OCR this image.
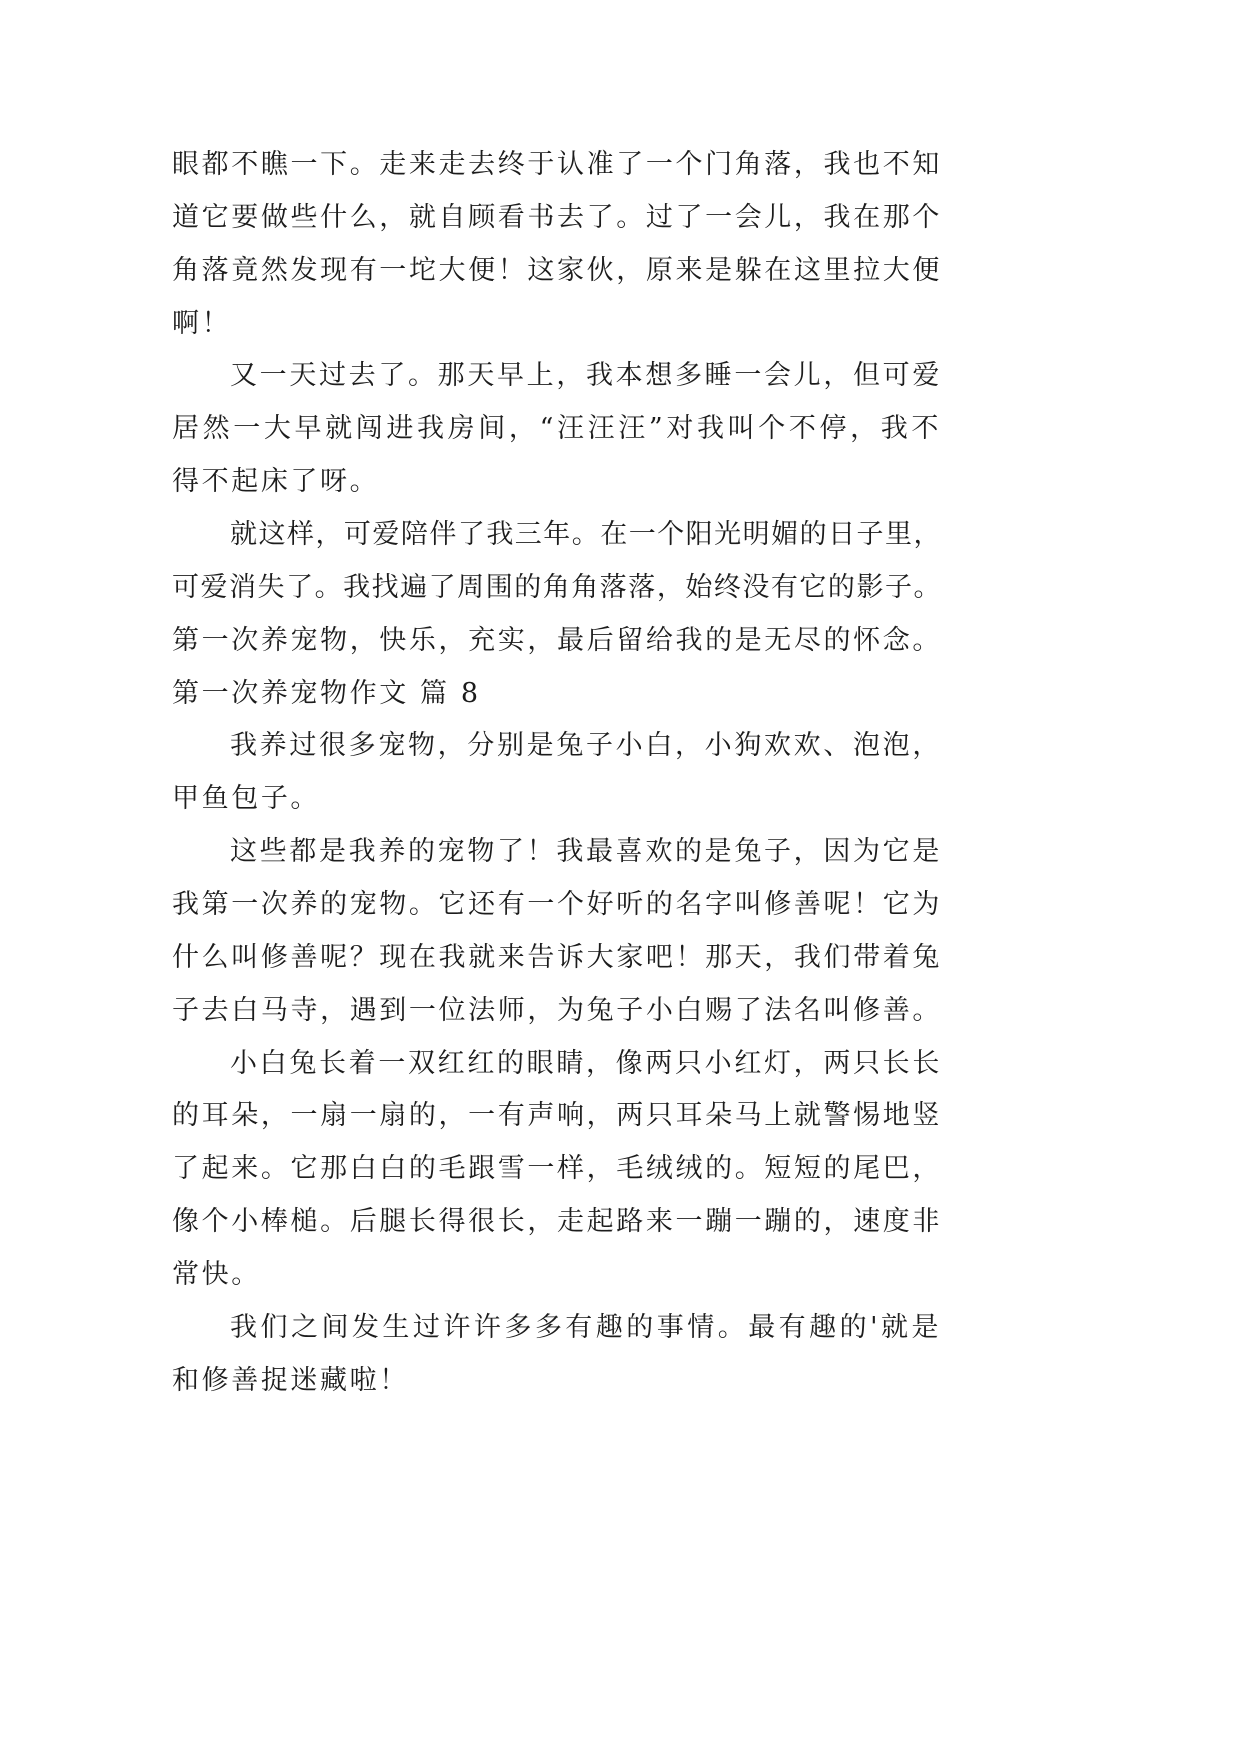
眼都不瞧一下。走来走去终于认准了一个门角落，我也不知
道它要做些什么，就自顾看书去了。过了一会儿，我在那个
角落竟然发现有一坨大便！这家伙，原来是躲在这里拉大便
啊！
又一天过去了。那天早上，我本想多睡一会儿，但可爱
居然一大早就闯进我房间，“汪汪汪”对我叫个不停，我不
得不起床了呀。
就这样，可爱陪伴了我三年。在一个阳光明媚的日子里，
可爱消失了。我找遍了周围的角角落落，始终没有它的影子。
第一次养宠物，快乐，充实，最后留给我的是无尽的怀念。
第一次养宠物作文 篇 8
我养过很多宠物，分别是兔子小白，小狗欢欢、泡泡，
甲鱼包子。
这些都是我养的宠物了！我最喜欢的是兔子，因为它是
我第一次养的宠物。它还有一个好听的名字叫修善呢！它为
什么叫修善呢？现在我就来告诉大家吧！那天，我们带着兔
子去白马寺，遇到一位法师，为兔子小白赐了法名叫修善。
小白兔长着一双红红的眼睛，像两只小红灯，两只长长
的耳朵，一扇一扇的，一有声响，两只耳朵马上就警惕地竖
了起来。它那白白的毛跟雪一样，毛绒绒的。短短的尾巴，
像个小棒槌。后腿长得很长，走起路来一蹦一蹦的，速度非
常快。
我们之间发生过许许多多有趣的事情。最有趣的'就是
和修善捉迷藏啦！
